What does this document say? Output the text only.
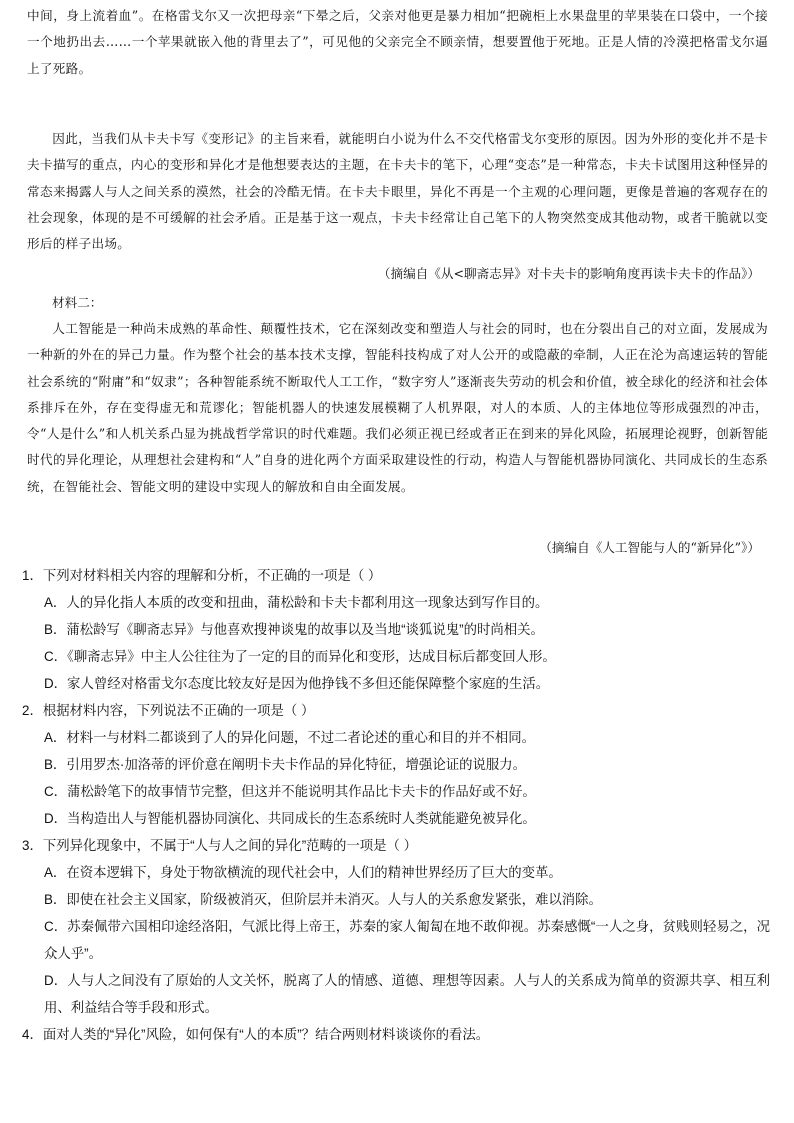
中间，身上流着血”。在格雷戈尔又一次把母亲“下晕之后，父亲对他更是暴力相加“把碗柜上水果盘里的苹果装在口袋中，一个接一个地扔出去……一个苹果就嵌入他的背里去了”，可见他的父亲完全不顾亲情，想要置他于死地。正是人情的冷漠把格雷戈尔逼上了死路。

因此，当我们从卡夫卡写《变形记》的主旨来看，就能明白小说为什么不交代格雷戈尔变形的原因。因为外形的变化并不是卡夫卡描写的重点，内心的变形和异化才是他想要表达的主题，在卡夫卡的笔下，心理“变态”是一种常态，卡夫卡试图用这种怪异的常态来揭露人与人之间关系的漠然，社会的冷酷无情。在卡夫卡眼里，异化不再是一个主观的心理问题，更像是普遍的客观存在的社会现象，体现的是不可缓解的社会矛盾。正是基于这一观点，卡夫卡经常让自己笔下的人物突然变成其他动物，或者干脆就以变形后的样子出场。

（摘编自《从<聊斋志异》对卡夫卡的影响角度再读卡夫卡的作品》）

材料二：

人工智能是一种尚未成熟的革命性、颠覆性技术，它在深刻改变和塑造人与社会的同时，也在分裂出自己的对立面，发展成为一种新的外在的异己力量。作为整个社会的基本技术支撑，智能科技构成了对人公开的或隐蔽的牵制，人正在沦为高速运转的智能社会系统的“附庸”和“奴隶”；各种智能系统不断取代人工工作，“数字穷人”逐渐丧失劳动的机会和价值，被全球化的经济和社会体系排斥在外，存在变得虚无和荒谬化；智能机器人的快速发展模糊了人机界限，对人的本质、人的主体地位等形成强烈的冲击，令“人是什么”和人机关系凸显为挑战哲学常识的时代难题。我们必须正视已经或者正在到来的异化风险，拓展理论视野，创新智能时代的异化理论，从理想社会建构和“人”自身的进化两个方面采取建设性的行动，构造人与智能机器协同演化、共同成长的生态系统，在智能社会、智能文明的建设中实现人的解放和自由全面发展。

（摘编自《人工智能与人的“新异化”》）

1．下列对材料相关内容的理解和分析，不正确的一项是（ ）

A．人的异化指人本质的改变和扭曲，蒲松龄和卡夫卡都利用这一现象达到写作目的。

B．蒲松龄写《聊斋志异》与他喜欢搜神谈鬼的故事以及当地“谈狐说鬼”的时尚相关。

C．《聊斋志异》中主人公往往为了一定的目的而异化和变形，达成目标后都变回人形。

D．家人曾经对格雷戈尔态度比较友好是因为他挣钱不多但还能保障整个家庭的生活。

2．根据材料内容，下列说法不正确的一项是（ ）

A．材料一与材料二都谈到了人的异化问题，不过二者论述的重心和目的并不相同。

B．引用罗杰·加洛蒂的评价意在阐明卡夫卡作品的异化特征，增强论证的说服力。

C．蒲松龄笔下的故事情节完整，但这并不能说明其作品比卡夫卡的作品好或不好。

D．当构造出人与智能机器协同演化、共同成长的生态系统时人类就能避免被异化。

3．下列异化现象中，不属于“人与人之间的异化”范畴的一项是（ ）

A．在资本逻辑下，身处于物欲横流的现代社会中，人们的精神世界经历了巨大的变革。

B．即使在社会主义国家，阶级被消灭，但阶层并未消灭。人与人的关系愈发紧张，难以消除。

C．苏秦佩带六国相印途经洛阳，气派比得上帝王，苏秦的家人匍匐在地不敢仰视。苏秦感慨“一人之身，贫贱则轻易之，况众人乎”。

D．人与人之间没有了原始的人文关怀，脱离了人的情感、道德、理想等因素。人与人的关系成为简单的资源共享、相互利用、利益结合等手段和形式。

4．面对人类的“异化”风险，如何保有“人的本质”？结合两则材料谈谈你的看法。
